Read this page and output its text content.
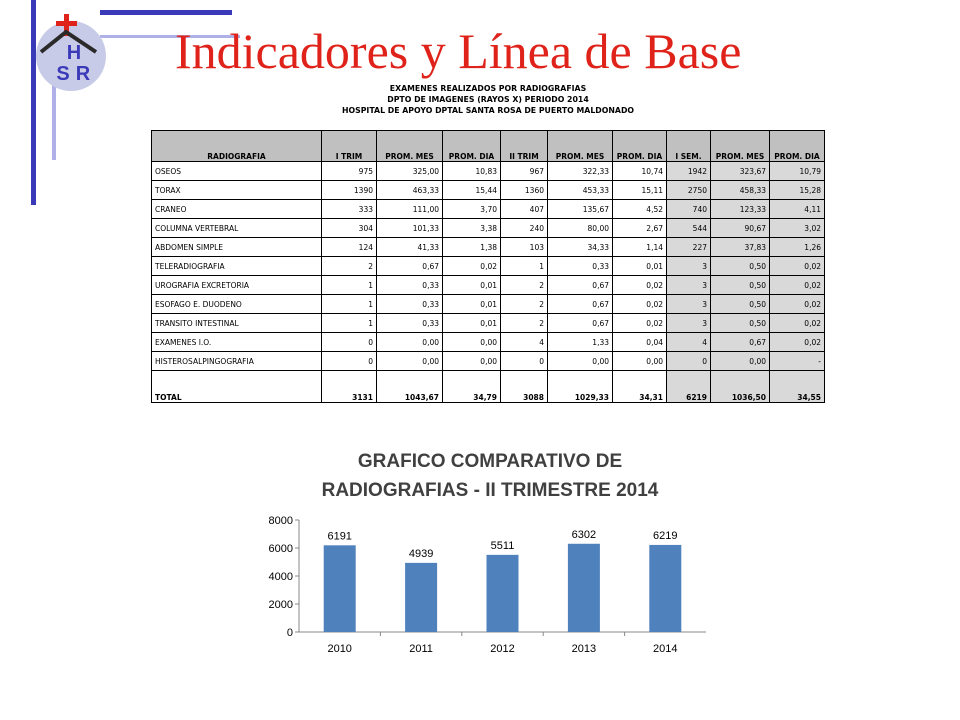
H
S R Indicadores y Línea de Base
EXAMENES REALIZADOS POR RADIOGRAFIAS
DPTO DE IMAGENES (RAYOS X) PERIODO 2014
HOSPITAL DE APOYO DPTAL SANTA ROSA DE PUERTO MALDONADO
RADIOGRAFIA	I TRIM	PROM. MES	PROM. DIA	II TRIM	PROM. MES	PROM. DIA	I SEM.	PROM. MES	PROM. DIA
OSEOS	975	325,00	10,83	967	322,33	10,74	1942	323,67	10,79
TORAX	1390	463,33	15,44	1360	453,33	15,11	2750	458,33	15,28
CRANEO	333	111,00	3,70	407	135,67	4,52	740	123,33	4,11
COLUMNA VERTEBRAL	304	101,33	3,38	240	80,00	2,67	544	90,67	3,02
ABDOMEN SIMPLE	124	41,33	1,38	103	34,33	1,14	227	37,83	1,26
TELERADIOGRAFIA	2	0,67	0,02	1	0,33	0,01	3	0,50	0,02
UROGRAFIA EXCRETORIA	1	0,33	0,01	2	0,67	0,02	3	0,50	0,02
ESOFAGO E. DUODENO	1	0,33	0,01	2	0,67	0,02	3	0,50	0,02
TRANSITO INTESTINAL	1	0,33	0,01	2	0,67	0,02	3	0,50	0,02
EXAMENES I.O.	0	0,00	0,00	4	1,33	0,04	4	0,67	0,02
HISTEROSALPINGOGRAFIA	0	0,00	0,00	0	0,00	0,00	0	0,00	-
TOTAL	3131	1043,67	34,79	3088	1029,33	34,31	6219	1036,50	34,55
GRAFICO COMPARATIVO DE
RADIOGRAFIAS - II TRIMESTRE 2014
0
2000
4000
6000
8000
6191
2010
4939
2011
5511
2012
6302
2013
6219
2014
